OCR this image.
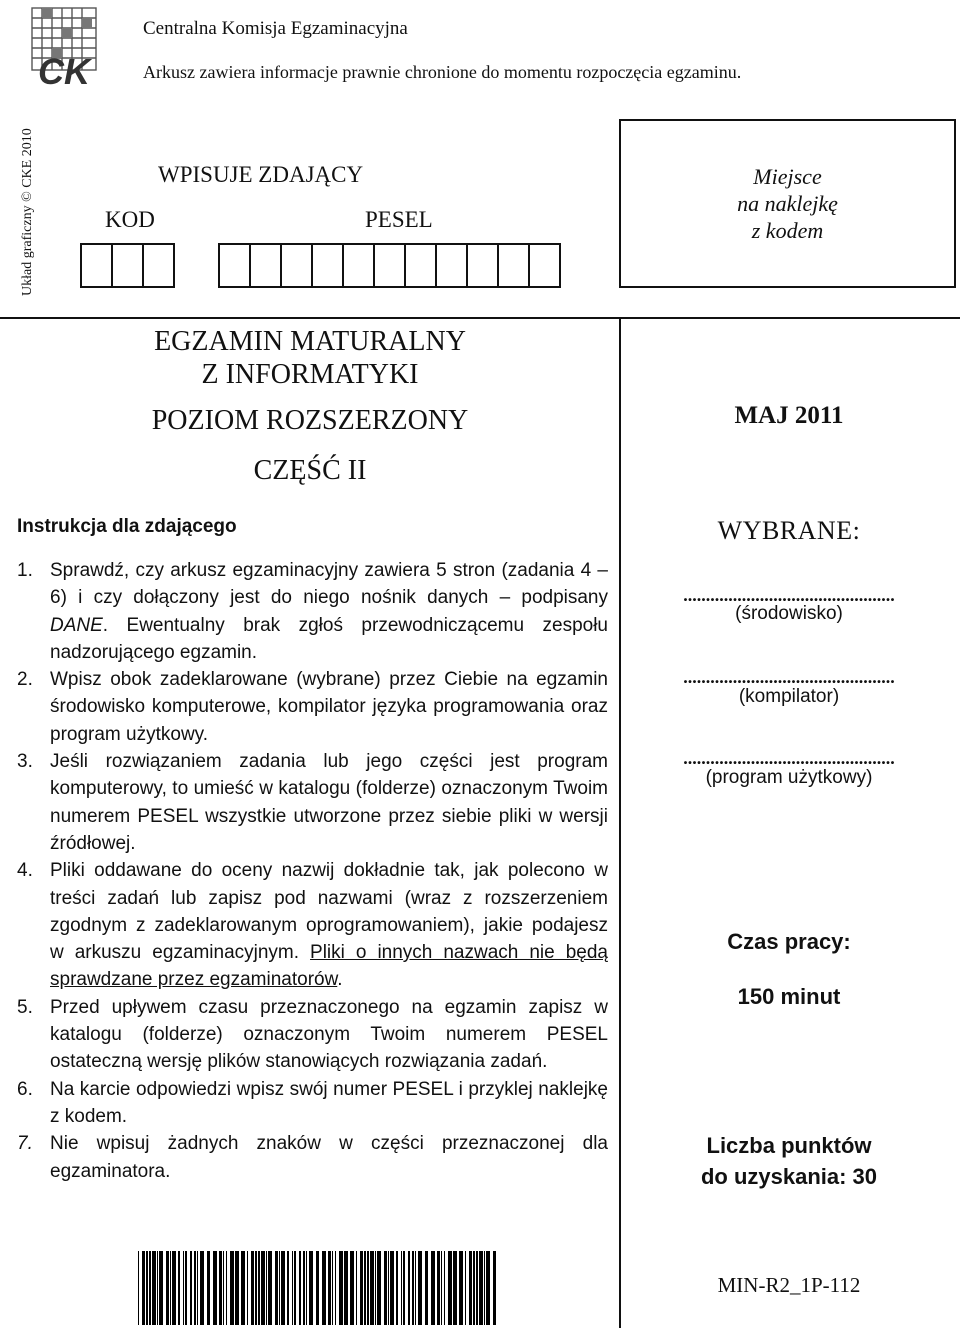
CK
Centralna Komisja Egzaminacyjna
Arkusz zawiera informacje prawnie chronione do momentu rozpoczęcia egzaminu.
Układ graficzny © CKE 2010	WPISUJE ZDAJĄCY
KOD	PESEL
Miejsce
na naklejkę
z kodem
EGZAMIN MATURALNY
Z INFORMATYKI
POZIOM ROZSZERZONY
CZĘŚĆ II
Instrukcja dla zdającego
1. Sprawdź, czy arkusz egzaminacyjny zawiera 5 stron (zadania 4 – 6) i czy dołączony jest do niego nośnik danych – podpisany DANE. Ewentualny brak zgłoś przewodniczącemu zespołu nadzorującego egzamin.
2. Wpisz obok zadeklarowane (wybrane) przez Ciebie na egzamin środowisko komputerowe, kompilator języka programowania oraz program użytkowy.
3. Jeśli rozwiązaniem zadania lub jego części jest program komputerowy, to umieść w katalogu (folderze) oznaczonym Twoim numerem PESEL wszystkie utworzone przez siebie pliki w wersji źródłowej.
4. Pliki oddawane do oceny nazwij dokładnie tak, jak polecono w treści zadań lub zapisz pod nazwami (wraz z rozszerzeniem zgodnym z zadeklarowanym oprogramowaniem), jakie podajesz w arkuszu egzaminacyjnym. Pliki o innych nazwach nie będą sprawdzane przez egzaminatorów.
5. Przed upływem czasu przeznaczonego na egzamin zapisz w katalogu (folderze) oznaczonym Twoim numerem PESEL ostateczną wersję plików stanowiących rozwiązania zadań.
6. Na karcie odpowiedzi wpisz swój numer PESEL i przyklej naklejkę z kodem.
7. Nie wpisuj żadnych znaków w części przeznaczonej dla egzaminatora.
MAJ 2011
WYBRANE:
...............................................
(środowisko)
...............................................
(kompilator)
...............................................
(program użytkowy)
Czas pracy:
150 minut
Liczba punktów
do uzyskania: 30
MIN-R2_1P-112
